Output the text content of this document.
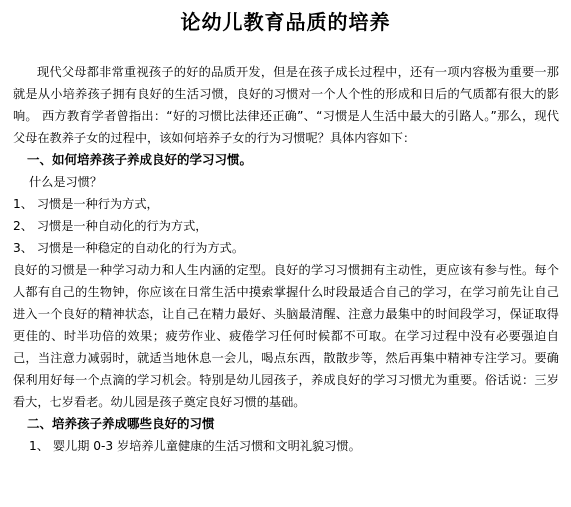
论幼儿教育品质的培养

现代父母都非常重视孩子的好的品质开发，但是在孩子成长过程中，还有一项内容极为重要一那就是从小培养孩子拥有良好的生活习惯，良好的习惯对一个人个性的形成和日后的气质都有很大的影响。 西方教育学者曾指出：“好的习惯比法律还正确”、“习惯是人生活中最大的引路人。”那么，现代父母在教养子女的过程中，该如何培养子女的行为习惯呢？具体内容如下：

一、如何培养孩子养成良好的学习习惯。

什么是习惯？

1、 习惯是一种行为方式，

2、 习惯是一种自动化的行为方式，

3、 习惯是一种稳定的自动化的行为方式。

良好的习惯是一种学习动力和人生内涵的定型。良好的学习习惯拥有主动性，更应该有参与性。每个人都有自己的生物钟，你应该在日常生活中摸索掌握什么时段最适合自己的学习，在学习前先让自己进入一个良好的精神状态，让自己在精力最好、头脑最清醒、注意力最集中的时间段学习，保证取得更佳的、时半功倍的效果；疲劳作业、疲倦学习任何时候都不可取。在学习过程中没有必要强迫自己，当注意力减弱时，就适当地休息一会儿，喝点东西，散散步等，然后再集中精神专注学习。要确保利用好每一个点滴的学习机会。特别是幼儿园孩子，养成良好的学习习惯尤为重要。俗话说：三岁看大，七岁看老。幼儿园是孩子奠定良好习惯的基础。

二、培养孩子养成哪些良好的习惯

1、 婴儿期 0-3 岁培养儿童健康的生活习惯和文明礼貌习惯。
